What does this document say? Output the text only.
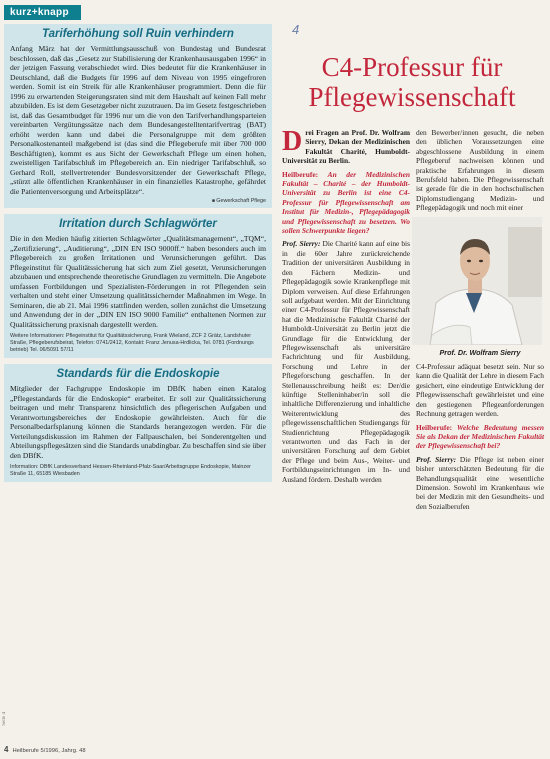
kurz+knapp
Tariferhöhung soll Ruin verhindern

Anfang März hat der Vermittlungsausschuß von Bundestag und Bundesrat beschlossen, daß das „Gesetz zur Stabilisierung der Krankenhausausgaben 1996“ in der jetzigen Fassung verabschiedet wird. Dies bedeutet für die Krankenhäuser in Deutschland, daß die Budgets für 1996 auf dem Niveau von 1995 eingefroren werden. Somit ist ein Streik für alle Krankenhäuser programmiert. Denn die für 1996 zu erwartenden Steigerungsraten sind mit dem Haushalt auf keinen Fall mehr abzubilden. Es ist dem Gesetzgeber nicht zuzutrauen. Da im Gesetz festgeschrieben ist, daß das Gesamtbudget für 1996 nur um die von den Tarifverhandlungsparteien vereinbarten Vergütungssätze nach dem Bundesangestelltentarifvertrag (BAT) erhöht werden kann und dabei die Personalgruppe mit dem größten Personalkostenanteil maßgebend ist (das sind die Pflegeberufe mit über 700 000 Beschäftigten), kommt es aus Sicht der Gewerkschaft Pflege um einen hohen, zweistelligen Tarifabschluß im Pflegebereich an. Ein niedriger Tarifabschluß, so Gerhard Roll, stellvertretender Bundesvorsitzender der Gewerkschaft Pflege, „stürzt alle öffentlichen Krankenhäuser in ein finanzielles Katastrophe, gefährdet die Patientenversorgung und Arbeitsplätze“.

■ Gewerkschaft Pflege
Irritation durch Schlagwörter

Die in den Medien häufig zitierten Schlagwörter „Qualitätsmanagement“, „TQM“, „Zertifizierung“, „Auditierung“, „DIN EN ISO 9000ff.“ haben besonders auch im Pflegebereich zu großen Irritationen und Verunsicherungen geführt. Das Pflegeinstitut für Qualitätssicherung hat sich zum Ziel gesetzt, Verunsicherungen abzubauen und entsprechende theoretische Grundlagen zu vermitteln. Die Angebote umfassen Fortbildungen und Spezialisten-Förderungen in rot Pflegenden sein verhalten und steht einer Umsetzung qualitätssichernder Maßnahmen im Wege. In Seminaren, die ab 21. Mai 1996 stattfinden werden, sollen zunächst die Umsetzung und Anwendung der in der „DIN EN ISO 9000 Familie“ enthaltenen Normen zur Qualitätssicherung praxisnah dargestellt werden.

Weitere Informationen: Pflegeinstitut für Qualitätssicherung, Frank Wieland, ZCF 2 Grätz, Landshuter Straße, Pflegeberufsbeirat, Telefon: 0741/2412, Kontakt: Franz Jenusa-Hrdlicka, Tel. 0781 (Fordnungs betrieb) Tel. 06/5091 57/11
Standards für die Endoskopie

Mitglieder der Fachgruppe Endoskopie im DBfK haben einen Katalog „Pflegestandards für die Endoskopie“ erarbeitet. Er soll zur Qualitätssicherung beitragen und mehr Transparenz hinsichtlich des pflegerischen Aufgaben und Verantwortungsbereiches der Endoskopie gewährleisten. Auch für die Personalbedarfsplanung können die Standards herangezogen werden. Für die Verteilungsdiskussion im Rahmen der Fallpauschalen, bei Sonderentgelten und Abteilungspflegesätzen sind die Standards unabdingbar. Zu beschaffen sind sie über den DBfK.

Information: DBfK Landesverband Hessen-Rheinland-Pfalz-Saar/Arbeitsgruppe Endoskopie, Mainzer Straße 11, 65185 Wiesbaden
4 Heilberufe 5/1996, Jahrg. 48
Seite 4
4
C4-Professur für Pflegewissenschaft

Drei Fragen an Prof. Dr. Wolfram Sierry, Dekan der Medizinischen Fakultät Charité, Humboldt-Universität zu Berlin.

Heilberufe: An der Medizinischen Fakultät – Charité – der Humboldt-Universität zu Berlin ist eine C4-Professur für Pflegewissenschaft am Institut für Medizin-, Pflegepädagogik und Pflegewissenschaft zu besetzen. Wo sollen Schwerpunkte liegen?

Prof. Sierry: Die Charité kann auf eine bis in die 60er Jahre zurückreichende Tradition der universitären Ausbildung in den Fächern Medizin- und Pflegepädagogik sowie Krankenpflege mit Diplom verweisen. Auf diese Erfahrungen soll aufgebaut werden. Mit der Einrichtung einer C4-Professur für Pflegewissenschaft hat die Medizinische Fakultät Charité der Humboldt-Universität zu Berlin jetzt die Grundlage für die Entwicklung der Pflegewissenschaft als universitäre Fachrichtung und für Ausbildung, Forschung und Lehre in der Pflegeforschung geschaffen. In der Stellenausschreibung heißt es: Der/die künftige Stelleninhaber/in soll die inhaltliche Differenzierung und inhaltliche Weiterentwicklung des pflegewissenschaftlichen Studiengangs für Studienrichtung Pflegepädagogik verantworten und das Fach in der universitären Forschung auf dem Gebiet der Pflege und beim Aus-, Weiter- und Fortbildungseinrichtungen im In- und Ausland fördern. Deshalb werden

den Bewerber/innen gesucht, die neben den üblichen Voraussetzungen eine abgeschlossene Ausbildung in einem Pflegeberuf nachweisen können und praktische Erfahrungen in diesem Berufsfeld haben. Die Pflegewissenschaft ist gerade für die in den hochschulischen Diplomstudiengang Medizin- und Pflegepädagogik und noch mit einer

Prof. Dr. Wolfram Sierry

C4-Professur adäquat besetzt sein. Nur so kann die Qualität der Lehre in diesem Fach gesichert, eine eindeutige Entwicklung der Pflegewissenschaft gewährleistet und eine den gestiegenen Pflegeanforderungen Rechnung getragen werden.

Heilberufe: Welche Bedeutung messen Sie als Dekan der Medizinischen Fakultät der Pflegewissenschaft bei?

Prof. Sierry: Die Pflege ist neben einer bisher unterschätzten Bedeutung für die Behandlungsqualität eine wesentliche Dimension. Sowohl im Krankenhaus wie bei der Medizin mit den Gesundheits- und den Sozialberufen
